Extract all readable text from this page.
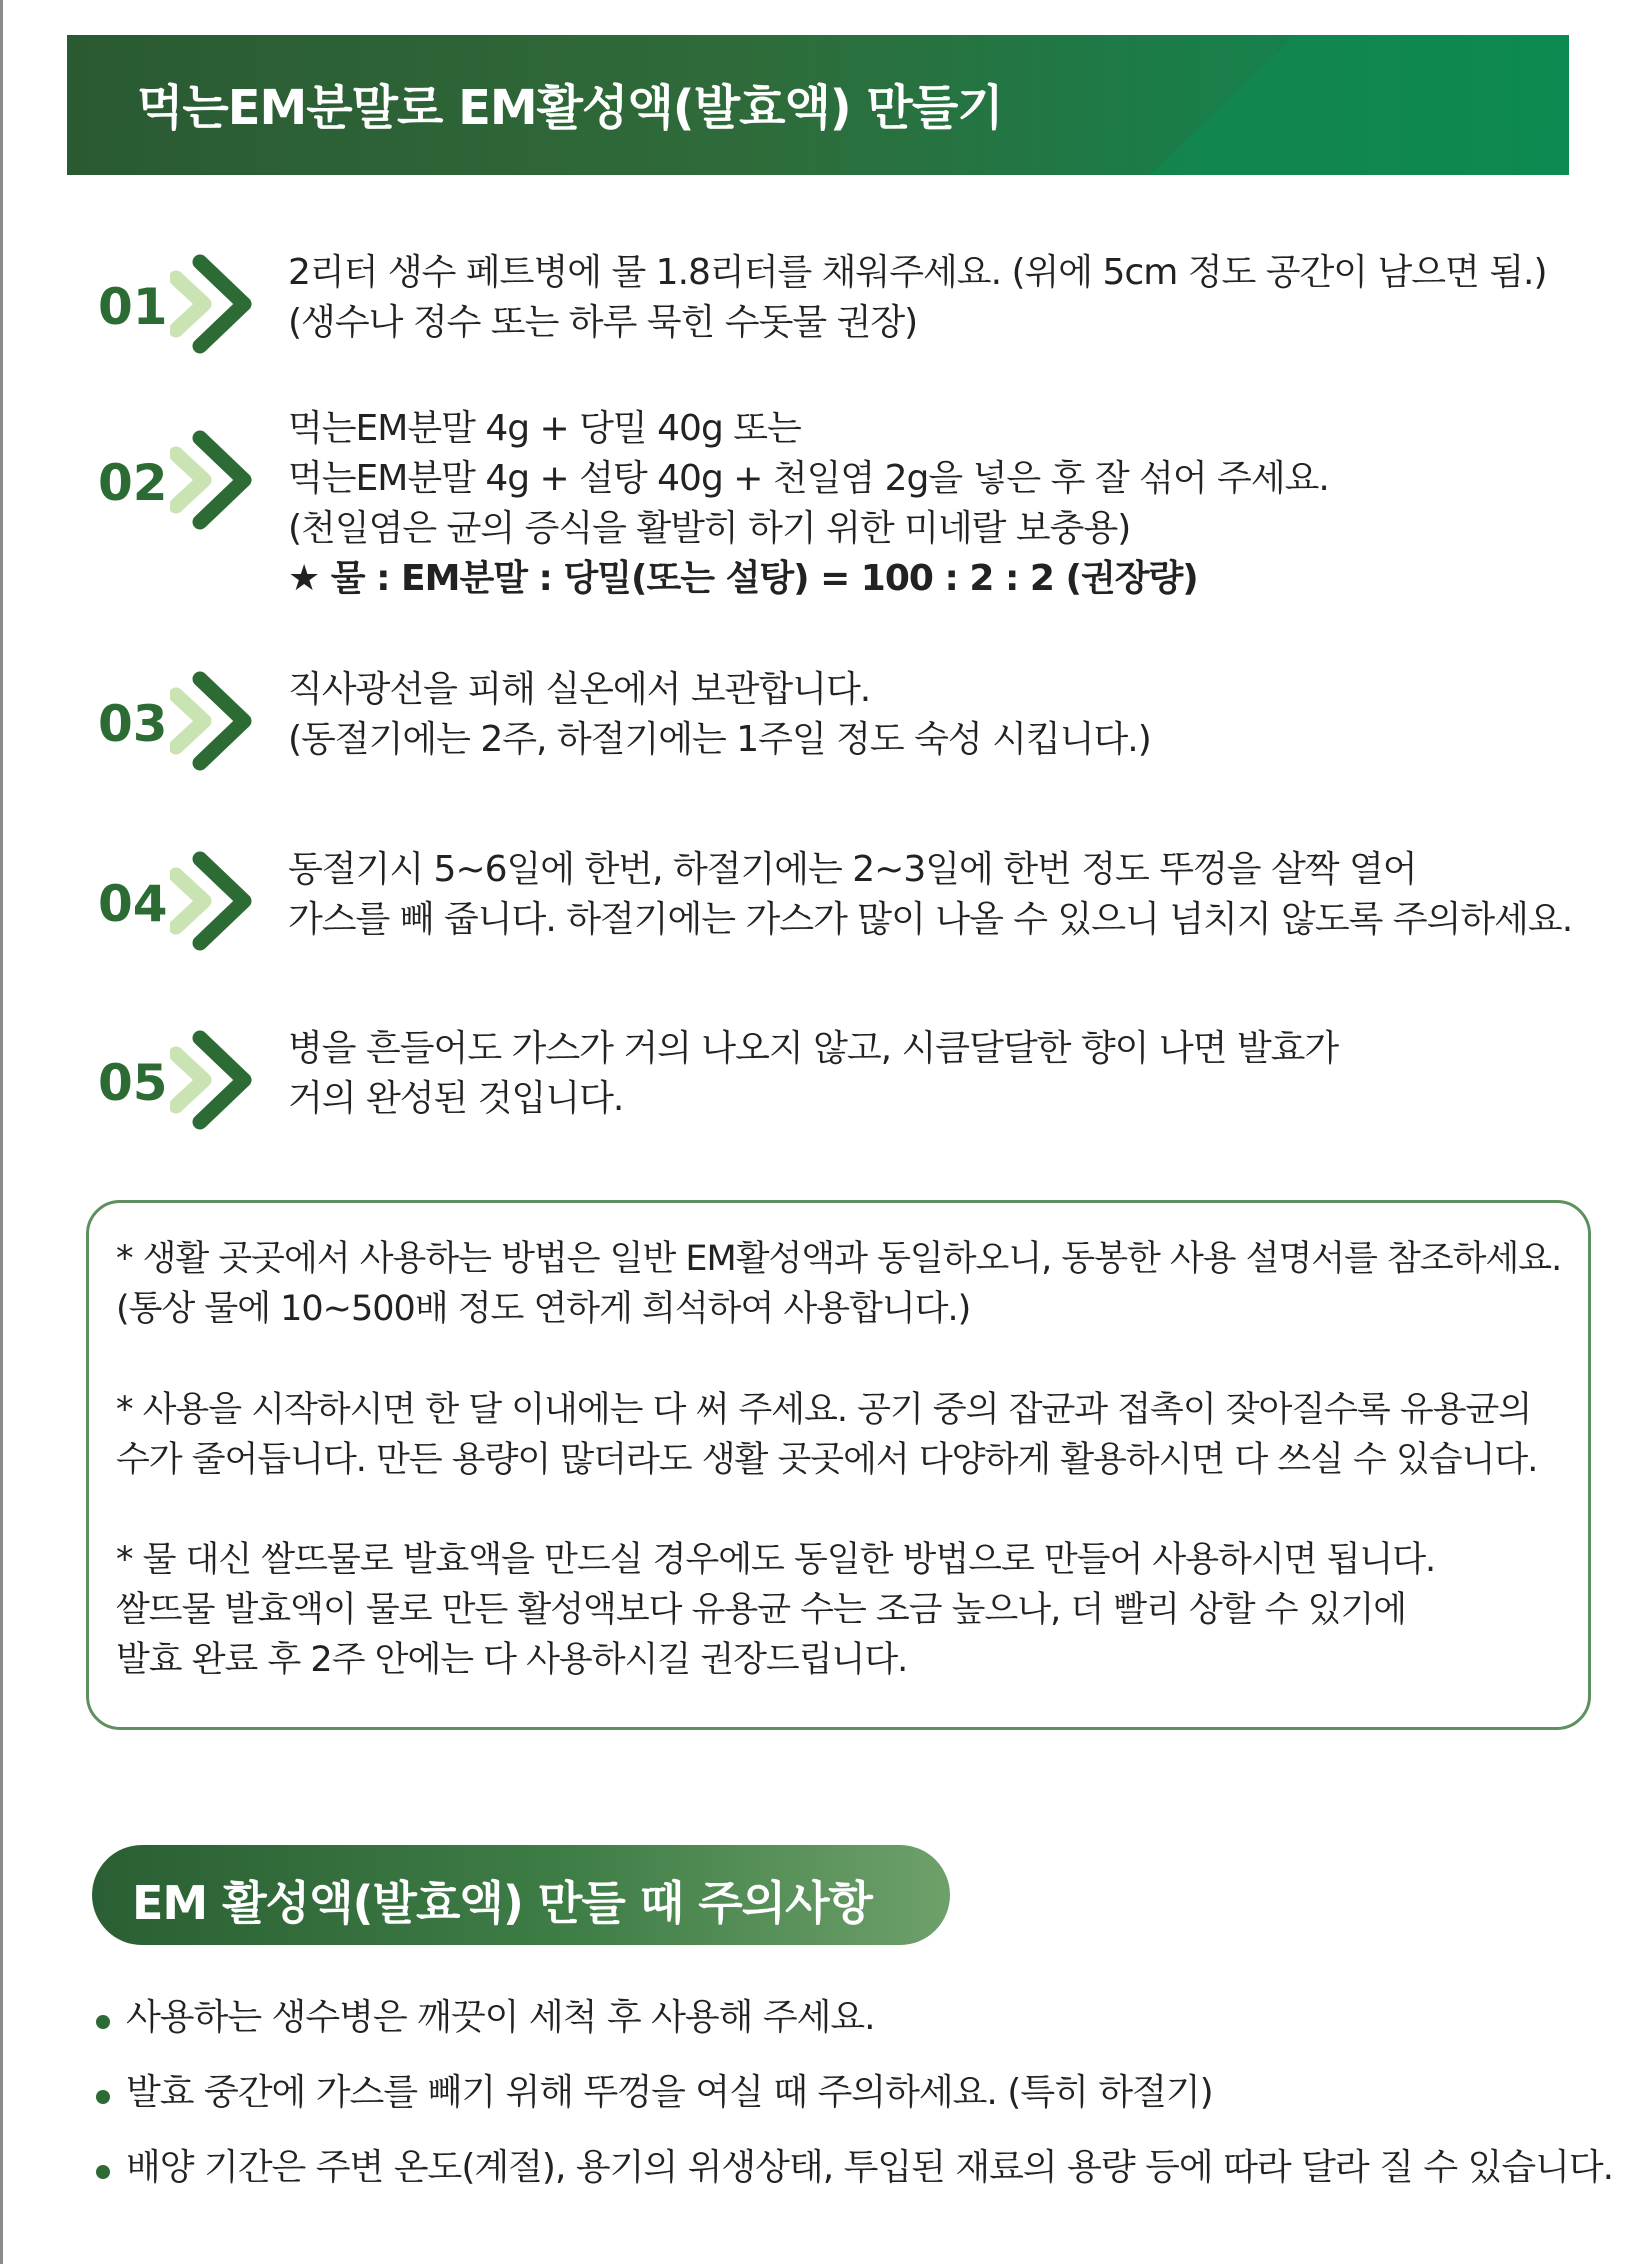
먹는EM분말로 EM활성액(발효액) 만들기
01
2리터 생수 페트병에 물 1.8리터를 채워주세요. (위에 5cm 정도 공간이 남으면 됨.)
(생수나 정수 또는 하루 묵힌 수돗물 권장)
02
먹는EM분말 4g + 당밀 40g 또는
먹는EM분말 4g + 설탕 40g + 천일염 2g을 넣은 후 잘 섞어 주세요.
(천일염은 균의 증식을 활발히 하기 위한 미네랄 보충용)
★ 물 : EM분말 : 당밀(또는 설탕) = 100 : 2 : 2 (권장량)
03
직사광선을 피해 실온에서 보관합니다.
(동절기에는 2주, 하절기에는 1주일 정도 숙성 시킵니다.)
04
동절기시 5~6일에 한번, 하절기에는 2~3일에 한번 정도 뚜껑을 살짝 열어
가스를 빼 줍니다. 하절기에는 가스가 많이 나올 수 있으니 넘치지 않도록 주의하세요.
05
병을 흔들어도 가스가 거의 나오지 않고, 시큼달달한 향이 나면 발효가
거의 완성된 것입니다.
* 생활 곳곳에서 사용하는 방법은 일반 EM활성액과 동일하오니, 동봉한 사용 설명서를 참조하세요.
(통상 물에 10~500배 정도 연하게 희석하여 사용합니다.)
* 사용을 시작하시면 한 달 이내에는 다 써 주세요. 공기 중의 잡균과 접촉이 잦아질수록 유용균의
수가 줄어듭니다. 만든 용량이 많더라도 생활 곳곳에서 다양하게 활용하시면 다 쓰실 수 있습니다.
* 물 대신 쌀뜨물로 발효액을 만드실 경우에도 동일한 방법으로 만들어 사용하시면 됩니다.
쌀뜨물 발효액이 물로 만든 활성액보다 유용균 수는 조금 높으나, 더 빨리 상할 수 있기에
발효 완료 후 2주 안에는 다 사용하시길 권장드립니다.
EM 활성액(발효액) 만들 때 주의사항
사용하는 생수병은 깨끗이 세척 후 사용해 주세요.
발효 중간에 가스를 빼기 위해 뚜껑을 여실 때 주의하세요. (특히 하절기)
배양 기간은 주변 온도(계절), 용기의 위생상태, 투입된 재료의 용량 등에 따라 달라 질 수 있습니다.
